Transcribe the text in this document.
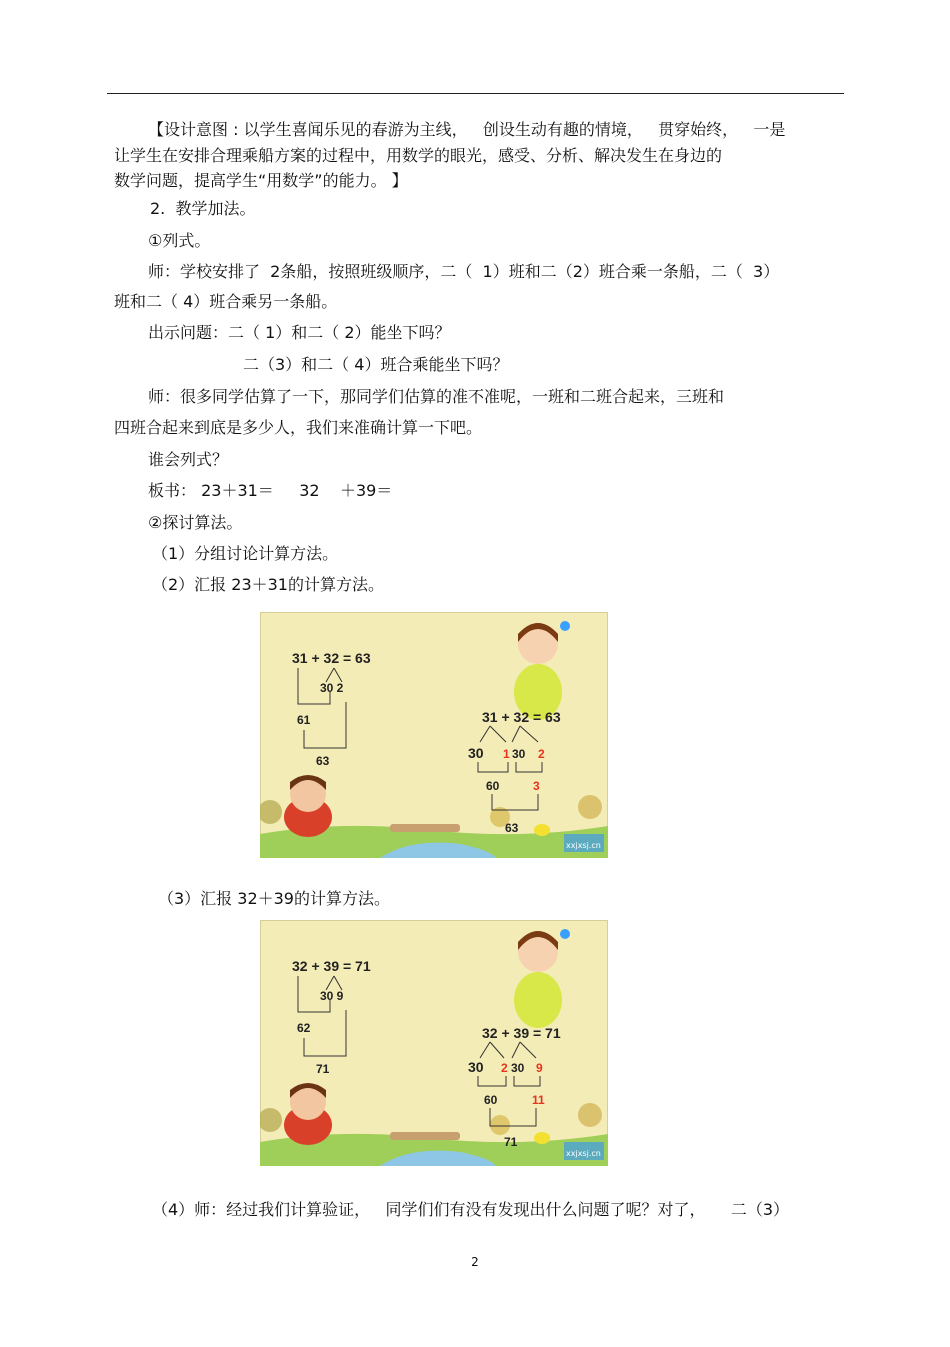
【设计意图 : 以学生喜闻乐见的春游为主线，   创设生动有趣的情境，   贯穿始终，   一是
让学生在安排合理乘船方案的过程中，用数学的眼光，感受、分析、解决发生在身边的
数学问题，提高学生“用数学”的能力。 】
2.  教学加法。
①列式。
师：学校安排了  2条船，按照班级顺序，二（  1）班和二（2）班合乘一条船，二（  3）
班和二（ 4）班合乘另一条船。
出示问题：二（ 1）和二（ 2）能坐下吗？
二（3）和二（ 4）班合乘能坐下吗？
师：很多同学估算了一下，那同学们估算的准不准呢，一班和二班合起来，三班和
四班合起来到底是多少人，我们来准确计算一下吧。
谁会列式？
板书： 23＋31＝     32    ＋39＝
②探讨算法。
（1）分组讨论计算方法。
（2）汇报 23＋31的计算方法。
xxjxsj.cn
31 + 32 = 63
30 2
61
63
31 + 32 = 63
30 1 30 2
60	3
63
（3）汇报 32＋39的计算方法。
xxjxsj.cn
32 + 39 = 71
30 9
62
71
32 + 39 = 71
30 2 30 9
60	11
71
（4）师：经过我们计算验证，   同学们们有没有发现出什么问题了呢？对了，     二（3）
2
